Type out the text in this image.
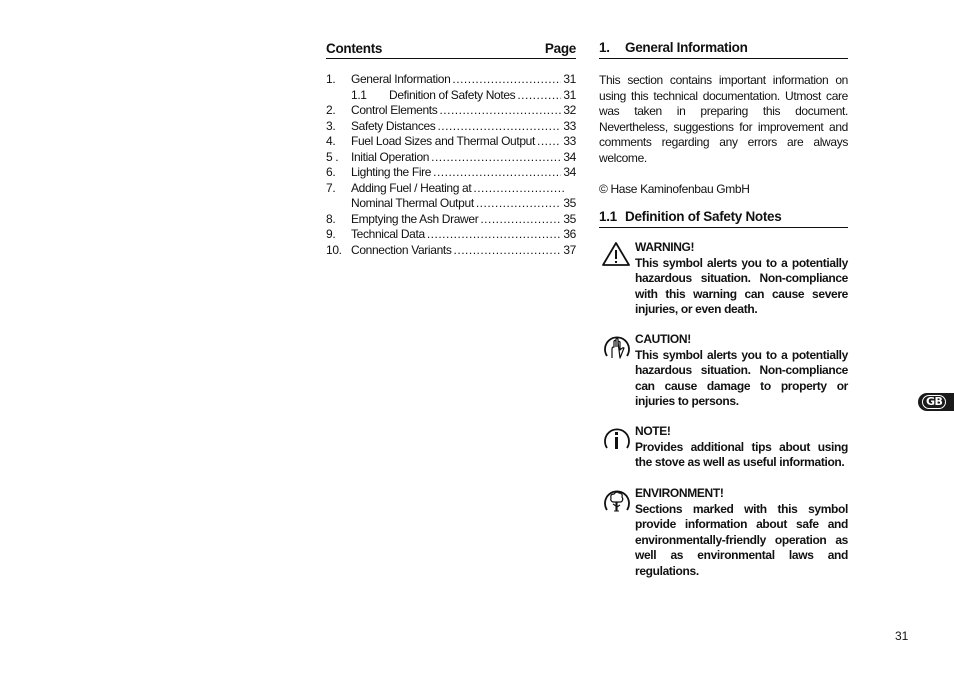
Contents	Page
1.	General Information .....	31
1.1	Definition of Safety Notes .....	31
2.	Control Elements .....	32
3.	Safety Distances .....	33
4.	Fuel Load Sizes and Thermal Output ..... 33
5 .	Initial Operation .....	34
6.	Lighting the Fire .....	34
7.	Adding Fuel / Heating at
.....
Nominal Thermal Output .....	35
8.	Emptying the Ash Drawer .....	35
9.	Technical Data .....	36
10. Connection Variants .....	37
1. General Information
This section contains important information on using this technical documentation. Utmost care was taken in preparing this document. Nevertheless, suggestions for improvement and comments regarding any errors are always welcome.
© Hase Kaminofenbau GmbH
1.1 Definition of Safety Notes
WARNING!
This symbol alerts you to a potentially hazardous situation. Non-compliance with this warning can cause severe injuries, or even death.
CAUTION!
This symbol alerts you to a potentially hazardous situation. Non-compliance can cause damage to property or injuries to persons.
NOTE!
Provides additional tips about using the stove as well as useful information.
ENVIRONMENT!
Sections marked with this symbol provide information about safe and environmentally-friendly operation as well as environmental laws and regulations.
GB
31
